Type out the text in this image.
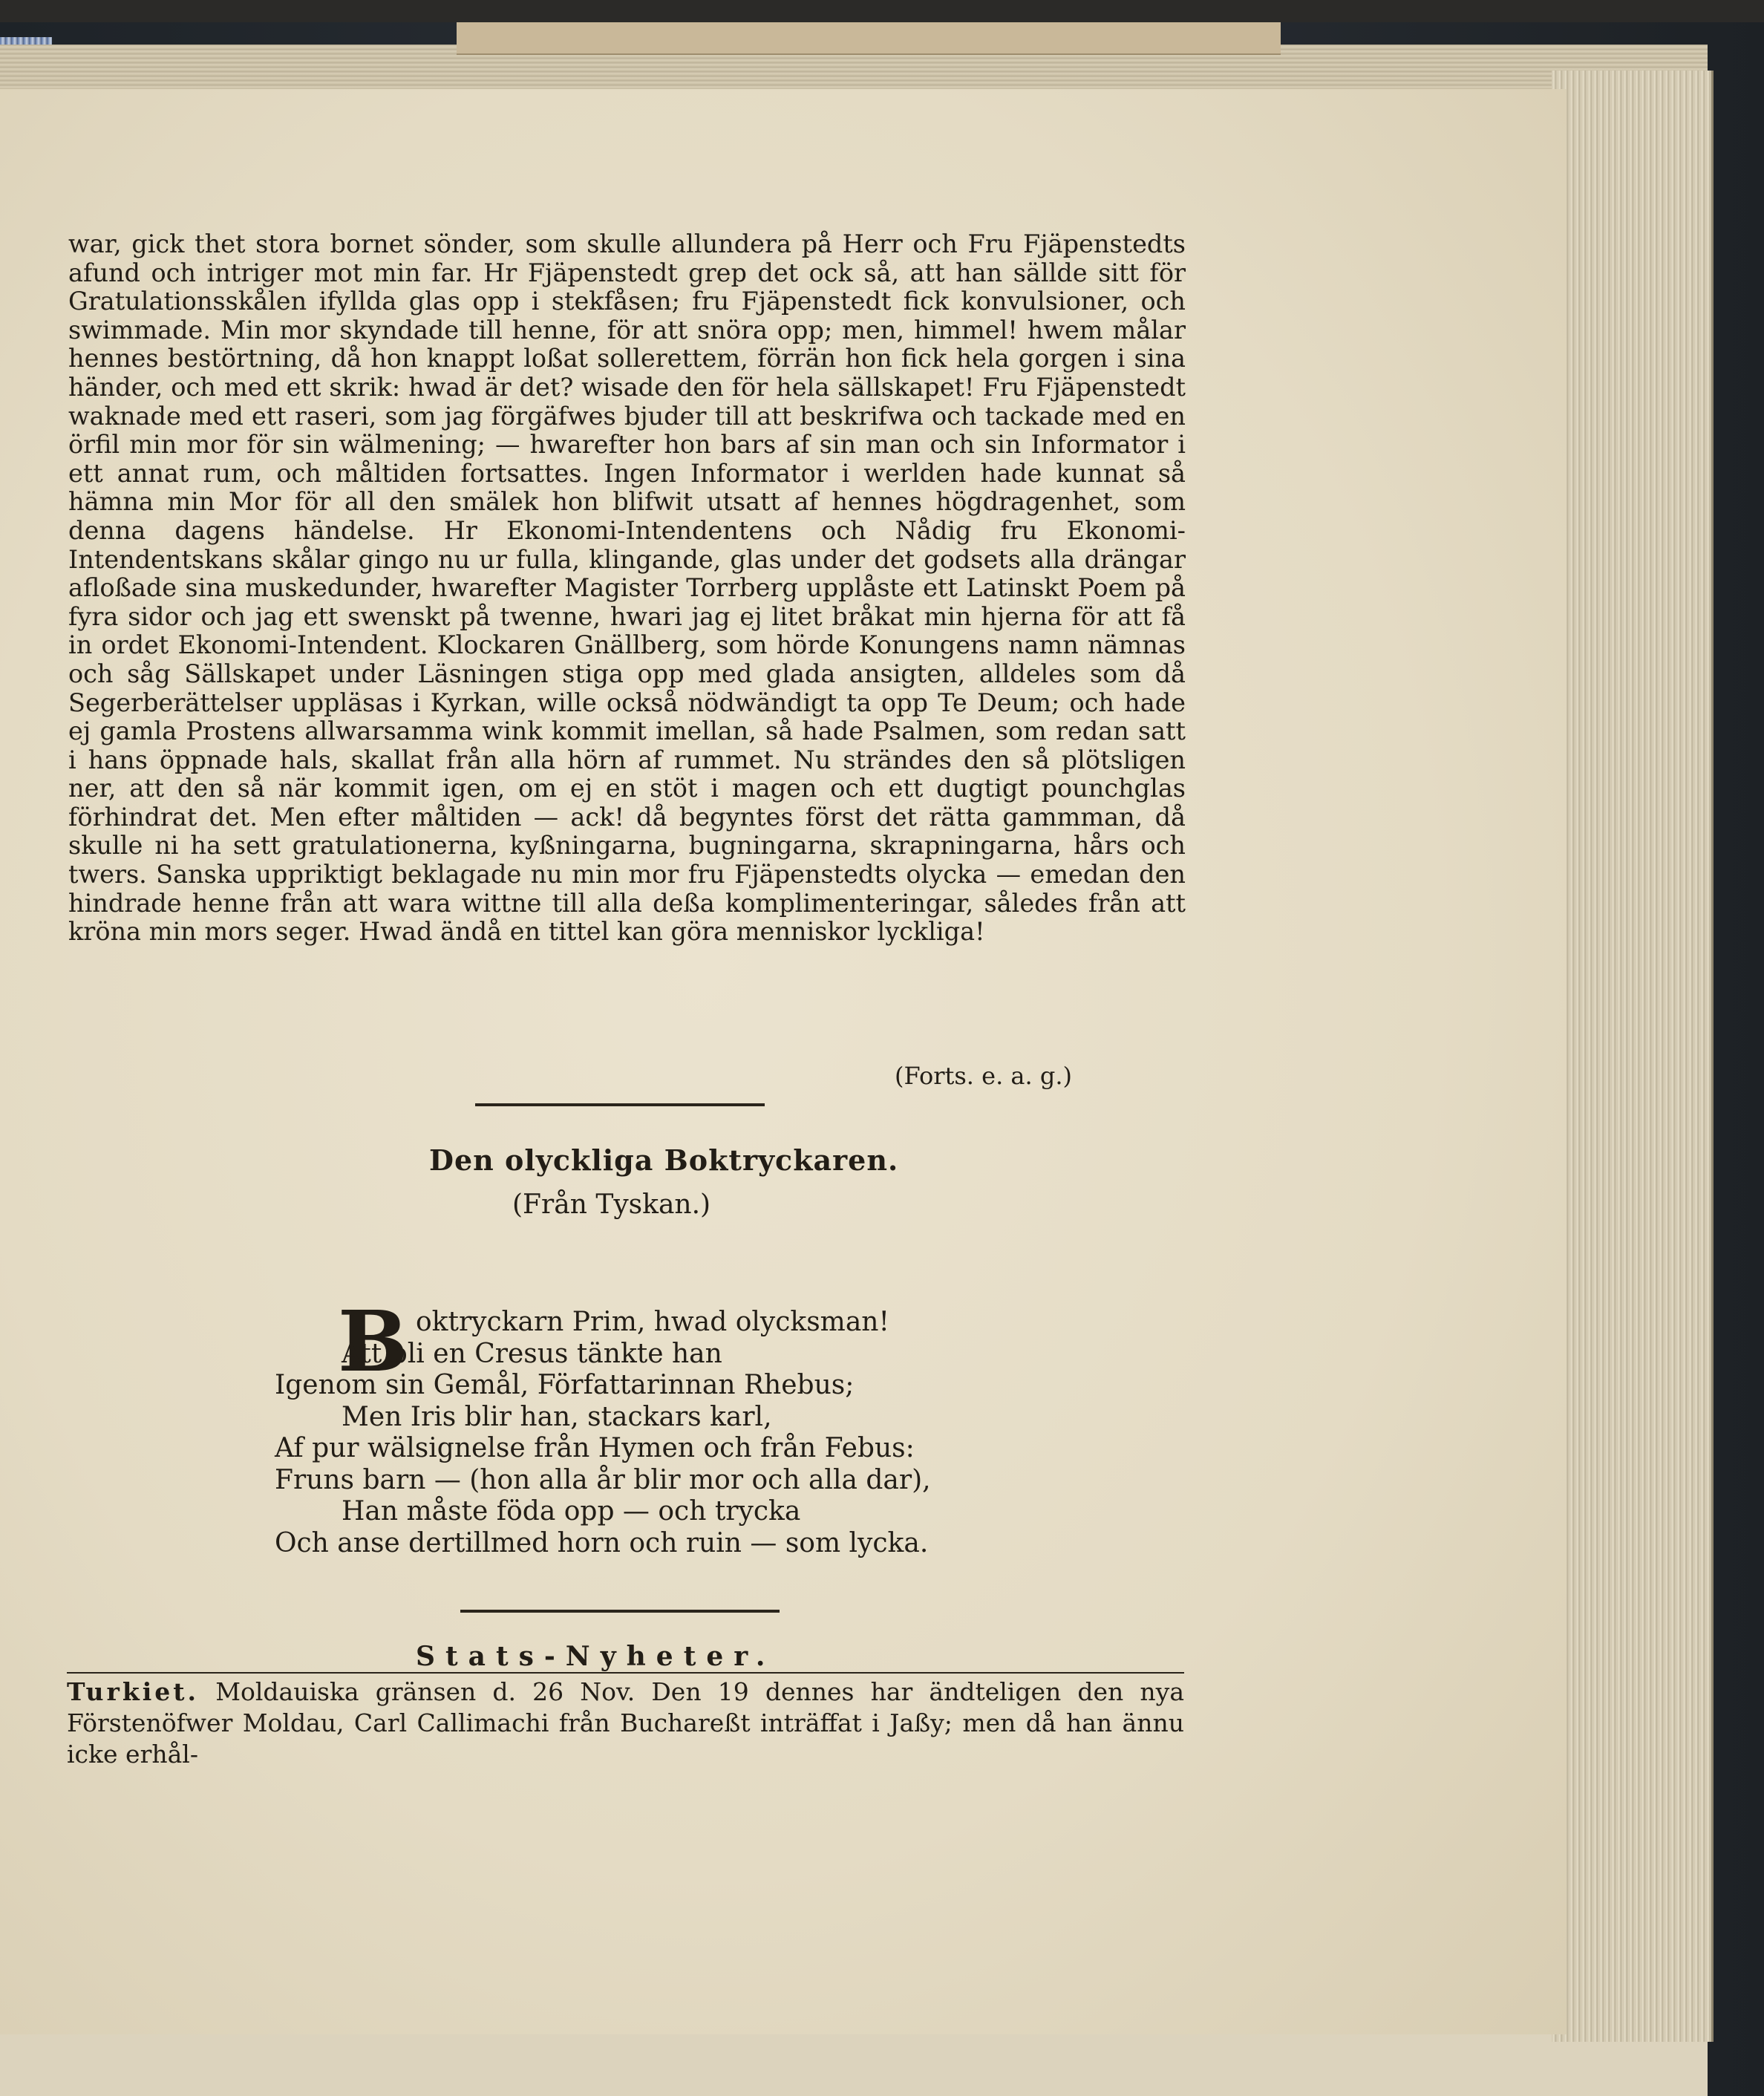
war, gick thet stora bornet sönder, som skulle allundera på Herr och Fru Fjäpenstedts afund och intriger mot min far. Hr Fjäpenstedt grep det ock så, att han sällde sitt för Gratulationsskålen ifyllda glas opp i stekfåsen; fru Fjäpenstedt fick konvulsioner, och swimmade. Min mor skyndade till henne, för att snöra opp; men, himmel! hwem målar hennes bestörtning, då hon knappt loßat sollerettem, förrän hon fick hela gorgen i sina händer, och med ett skrik: hwad är det? wisade den för hela sällskapet! Fru Fjäpenstedt waknade med ett raseri, som jag förgäfwes bjuder till att beskrifwa och tackade med en örfil min mor för sin wälmening; — hwarefter hon bars af sin man och sin Informator i ett annat rum, och måltiden fortsattes. Ingen Informator i werlden hade kunnat så hämna min Mor för all den smälek hon blifwit utsatt af hennes högdragenhet, som denna dagens händelse. Hr Ekonomi-Intendentens och Nådig fru Ekonomi-Intendentskans skålar gingo nu ur fulla, klingande, glas under det godsets alla drängar afloßade sina muskedunder, hwarefter Magister Torrberg upplåste ett Latinskt Poem på fyra sidor och jag ett swenskt på twenne, hwari jag ej litet bråkat min hjerna för att få in ordet Ekonomi-Intendent. Klockaren Gnällberg, som hörde Konungens namn nämnas och såg Sällskapet under Läsningen stiga opp med glada ansigten, alldeles som då Segerberättelser uppläsas i Kyrkan, wille också nödwändigt ta opp Te Deum; och hade ej gamla Prostens allwarsamma wink kommit imellan, så hade Psalmen, som redan satt i hans öppnade hals, skallat från alla hörn af rummet. Nu strändes den så plötsligen ner, att den så när kommit igen, om ej en stöt i magen och ett dugtigt pounchglas förhindrat det. Men efter måltiden — ack! då begyntes först det rätta gammman, då skulle ni ha sett gratulationerna, kyßningarna, bugningarna, skrapningarna, hårs och twers. Sanska uppriktigt beklagade nu min mor fru Fjäpenstedts olycka — emedan den hindrade henne från att wara wittne till alla deßa komplimenteringar, således från att kröna min mors seger. Hwad ändå en tittel kan göra menniskor lyckliga!

(Forts. e. a. g.)
Den olyckliga Boktryckaren.
(Från Tyskan.)
B oktryckarn Prim, hwad olycksman!
Att bli en Cresus tänkte han
Igenom sin Gemål, Författarinnan Rhebus;
Men Iris blir han, stackars karl,
Af pur wälsignelse från Hymen och från Febus:
Fruns barn — (hon alla år blir mor och alla dar),
Han måste föda opp — och trycka
Och anse dertillmed horn och ruin — som lycka.
Stats-Nyheter.
Turkiet. Moldauiska gränsen d. 26 Nov. Den 19 dennes har ändteligen den nya Förstenöfwer Moldau, Carl Callimachi från Buchareßt inträffat i Jaßy; men då han ännu icke erhål-
